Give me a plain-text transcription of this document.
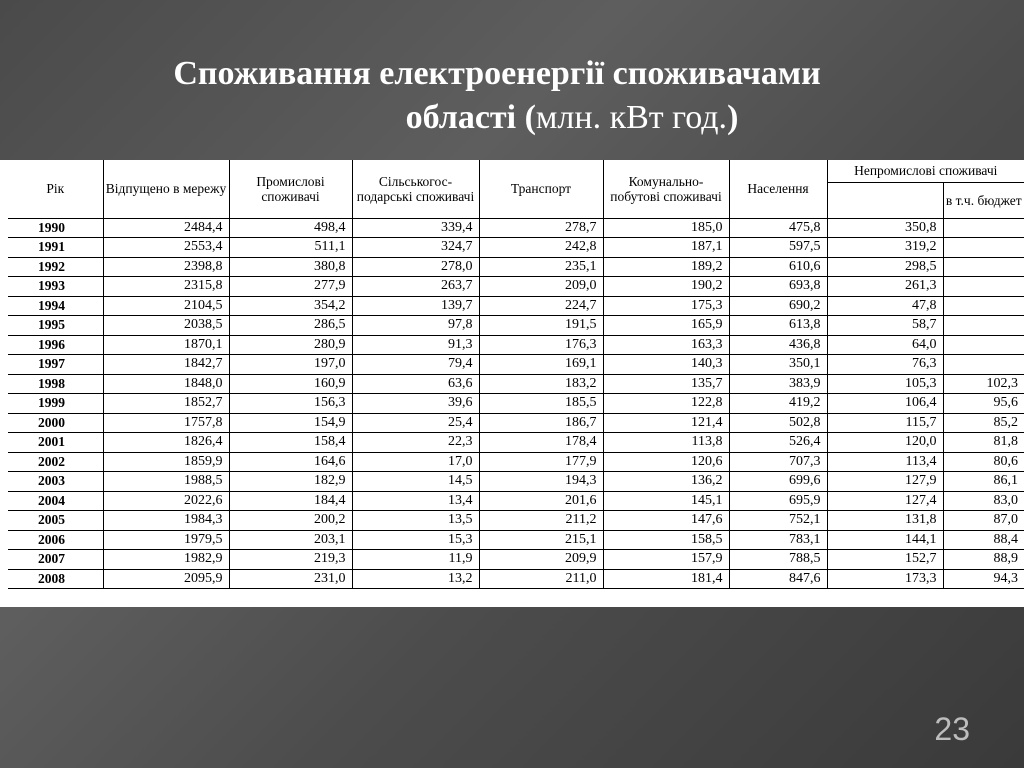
Споживання електроенергії споживачами
області (млн. кВт год.)
Рік	Відпущено в мережу	Промислові споживачі	Сільськогос-подарські споживачі	Транспорт	Комунально-побутові споживачі	Населення	Непромислові споживачі	
								в т.ч. бюджет
1990	2484,4	498,4	339,4	278,7	185,0	475,8	350,8	
1991	2553,4	511,1	324,7	242,8	187,1	597,5	319,2	
1992	2398,8	380,8	278,0	235,1	189,2	610,6	298,5	
1993	2315,8	277,9	263,7	209,0	190,2	693,8	261,3	
1994	2104,5	354,2	139,7	224,7	175,3	690,2	47,8	
1995	2038,5	286,5	97,8	191,5	165,9	613,8	58,7	
1996	1870,1	280,9	91,3	176,3	163,3	436,8	64,0	
1997	1842,7	197,0	79,4	169,1	140,3	350,1	76,3	
1998	1848,0	160,9	63,6	183,2	135,7	383,9	105,3	102,3
1999	1852,7	156,3	39,6	185,5	122,8	419,2	106,4	95,6
2000	1757,8	154,9	25,4	186,7	121,4	502,8	115,7	85,2
2001	1826,4	158,4	22,3	178,4	113,8	526,4	120,0	81,8
2002	1859,9	164,6	17,0	177,9	120,6	707,3	113,4	80,6
2003	1988,5	182,9	14,5	194,3	136,2	699,6	127,9	86,1
2004	2022,6	184,4	13,4	201,6	145,1	695,9	127,4	83,0
2005	1984,3	200,2	13,5	211,2	147,6	752,1	131,8	87,0
2006	1979,5	203,1	15,3	215,1	158,5	783,1	144,1	88,4
2007	1982,9	219,3	11,9	209,9	157,9	788,5	152,7	88,9
2008	2095,9	231,0	13,2	211,0	181,4	847,6	173,3	94,3
23
